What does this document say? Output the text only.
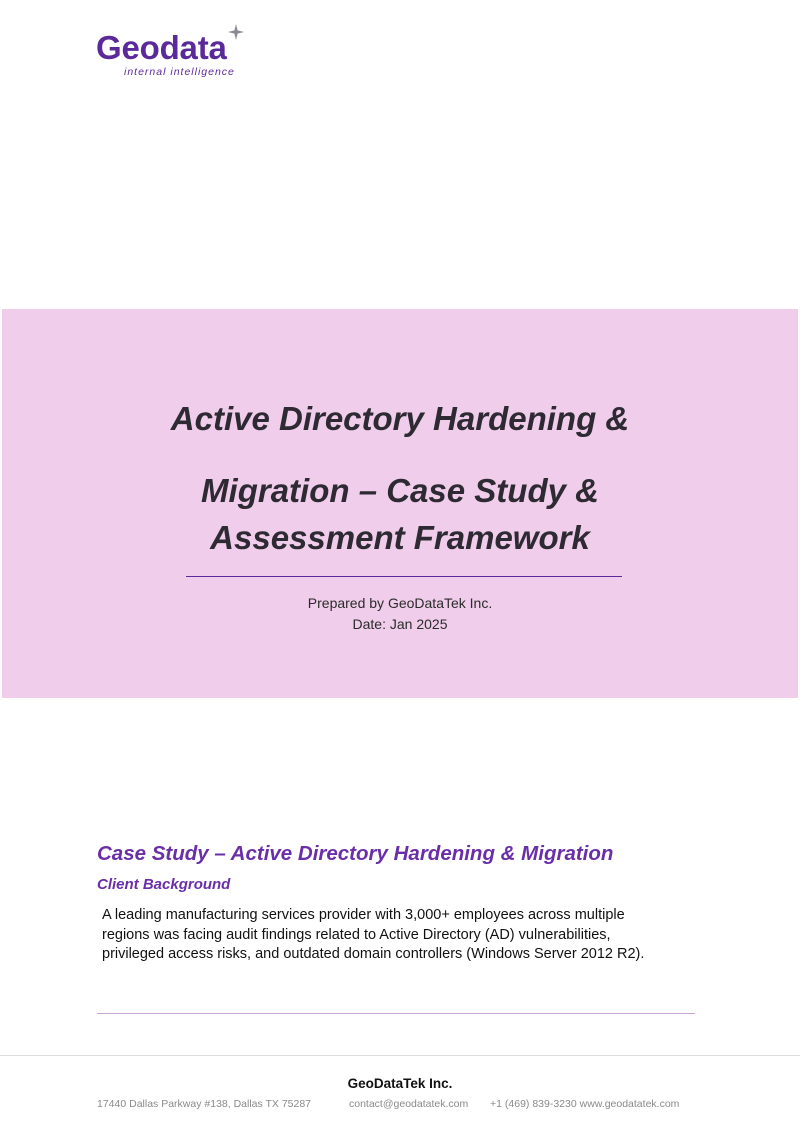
Geodata
internal intelligence
Active Directory Hardening &
Migration – Case Study &
Assessment Framework
Prepared by GeoDataTek Inc.
Date: Jan 2025
Case Study – Active Directory Hardening & Migration
Client Background

A leading manufacturing services provider with 3,000+ employees across multiple regions was facing audit findings related to Active Directory (AD) vulnerabilities, privileged access risks, and outdated domain controllers (Windows Server 2012 R2).

GeoDataTek Inc.
17440 Dallas Parkway #138, Dallas TX 75287	contact@geodatatek.com +1 (469) 839-3230 www.geodatatek.com
